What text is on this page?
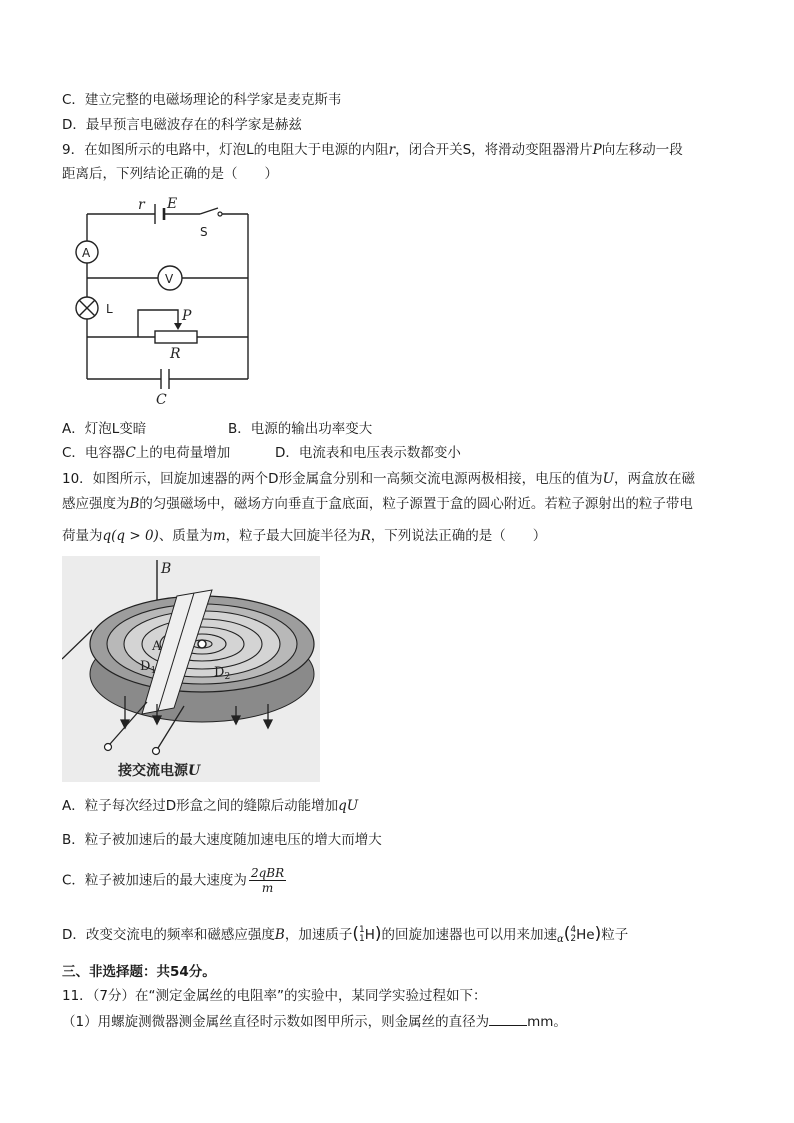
C．建立完整的电磁场理论的科学家是麦克斯韦
D．最早预言电磁波存在的科学家是赫兹
9．在如图所示的电路中，灯泡L的电阻大于电源的内阻r，闭合开关S，将滑动变阻器滑片P向左移动一段
距离后，下列结论正确的是（　　）
r E
P
R
C
S
A
V
L
A．灯泡L变暗	B．电源的输出功率变大
C．电容器C上的电荷量增加	D．电流表和电压表示数都变小
10．如图所示，回旋加速器的两个D形金属盒分别和一高频交流电源两极相接，电压的值为U，两盒放在磁
感应强度为B的匀强磁场中，磁场方向垂直于盒底面，粒子源置于盒的圆心附近。若粒子源射出的粒子带电
荷量为q(q > 0)、质量为m，粒子最大回旋半径为R，下列说法正确的是（　　）
B
A
$D_1$	$D_2$
接交流电源U
A．粒子每次经过D形盒之间的缝隙后动能增加qU
B．粒子被加速后的最大速度随加速电压的增大而增大
C．粒子被加速后的最大速度为 $\frac{\text{2qBR}}{m}$
D．改变交流电的频率和磁感应强度B，加速质子( 1
1 H)的回旋加速器也可以用来加速$_\alpha$( 4
2 He)粒子
三、非选择题：共54分。
11．（7分）在“测定金属丝的电阻率”的实验中，某同学实验过程如下：
（1）用螺旋测微器测金属丝直径时示数如图甲所示，则金属丝的直径为	mm。
